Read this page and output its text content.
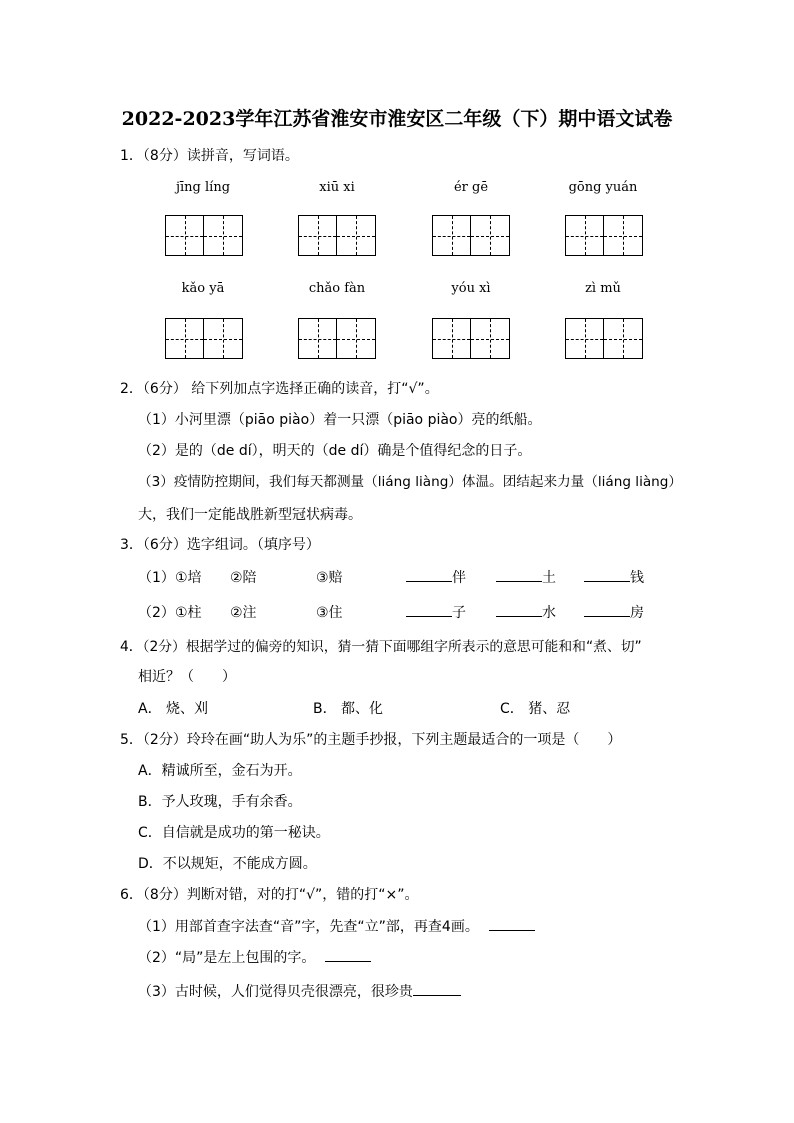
2022-2023学年江苏省淮安市淮安区二年级（下）期中语文试卷
1．（8分）读拼音，写词语。
jīng líng	xiū xi	ér gē	gōng yuán
kǎo yā	chǎo fàn	yóu xì	zì mǔ
2．（6分） 给下列加点字选择正确的读音，打“√”。
（1）小河里漂（piāo piào）着一只漂（piāo piào）亮的纸船。
（2）是的（de dí），明天的（de dí）确是个值得纪念的日子。
（3）疫情防控期间，我们每天都测量（liáng liàng）体温。团结起来力量（liáng liàng）
大，我们一定能战胜新型冠状病毒。
3．（6分）选字组词。（填序号）
（1） ①培 ②陪	③赔	伴	土	钱
（2） ①柱 ②注	③住	子	水	房
4．（2分）根据学过的偏旁的知识，猜一猜下面哪组字所表示的意思可能和和“煮、切”
相近？（　　）
A． 烧、刈	B． 都、化	C． 猪、忍
5．（2分）玲玲在画“助人为乐”的主题手抄报，下列主题最适合的一项是（　　）
A．精诚所至，金石为开。
B．予人玫瑰，手有余香。
C．自信就是成功的第一秘诀。
D．不以规矩，不能成方圆。
6．（8分）判断对错，对的打“√”，错的打“×”。
（1）用部首查字法查“音”字，先查“立”部，再查4画。
（2）“局”是左上包围的字。
（3）古时候，人们觉得贝壳很漂亮，很珍贵
